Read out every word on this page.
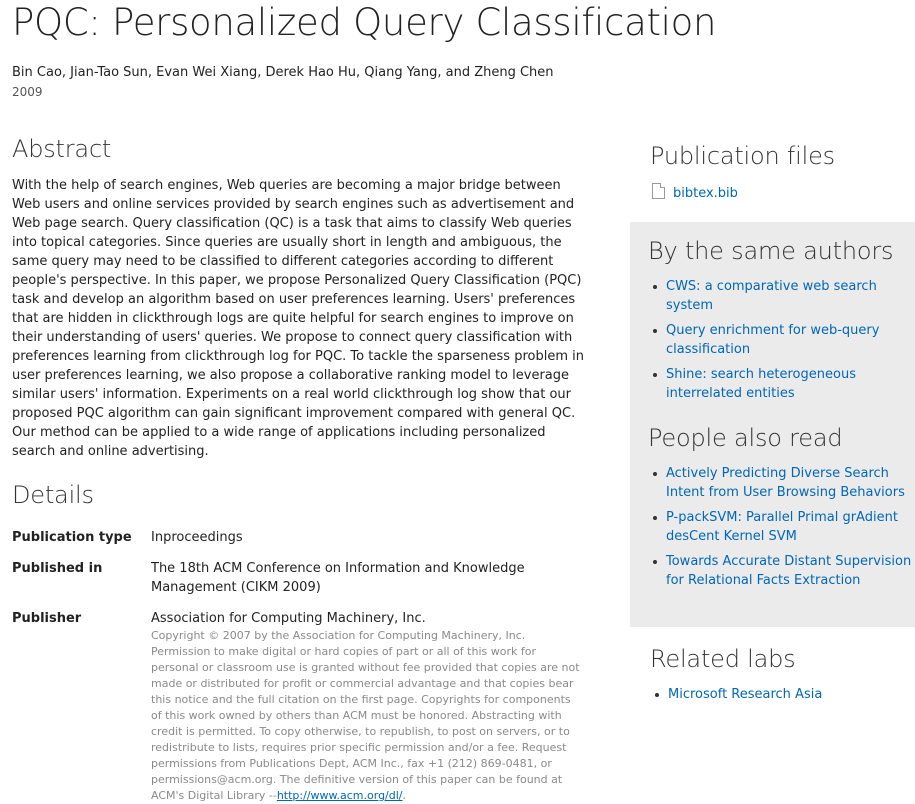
PQC: Personalized Query Classification
Bin Cao, Jian-Tao Sun, Evan Wei Xiang, Derek Hao Hu, Qiang Yang, and Zheng Chen
2009
Abstract

With the help of search engines, Web queries are becoming a major bridge between Web users and online services provided by search engines such as advertisement and Web page search. Query classification (QC) is a task that aims to classify Web queries into topical categories. Since queries are usually short in length and ambiguous, the same query may need to be classified to different categories according to different people's perspective. In this paper, we propose Personalized Query Classification (PQC) task and develop an algorithm based on user preferences learning. Users' preferences that are hidden in clickthrough logs are quite helpful for search engines to improve on their understanding of users' queries. We propose to connect query classification with preferences learning from clickthrough log for PQC. To tackle the sparseness problem in user preferences learning, we also propose a collaborative ranking model to leverage similar users' information. Experiments on a real world clickthrough log show that our proposed PQC algorithm can gain significant improvement compared with general QC. Our method can be applied to a wide range of applications including personalized search and online advertising.

Details
Publication type Inproceedings
Published in	The 18th ACM Conference on Information and Knowledge Management (CIKM 2009)
Publisher	Association for Computing Machinery, Inc.
Copyright © 2007 by the Association for Computing Machinery, Inc. Permission to make digital or hard copies of part or all of this work for personal or classroom use is granted without fee provided that copies are not made or distributed for profit or commercial advantage and that copies bear this notice and the full citation on the first page. Copyrights for components of this work owned by others than ACM must be honored. Abstracting with credit is permitted. To copy otherwise, to republish, to post on servers, or to redistribute to lists, requires prior specific permission and/or a fee. Request permissions from Publications Dept, ACM Inc., fax +1 (212) 869-0481, or permissions@acm.org. The definitive version of this paper can be found at ACM's Digital Library --http://www.acm.org/dl/.
Publication files
bibtex.bib
By the same authors
CWS: a comparative web search system
Query enrichment for web-query classification
Shine: search heterogeneous interrelated entities
People also read
Actively Predicting Diverse Search Intent from User Browsing Behaviors
P-packSVM: Parallel Primal grAdient desCent Kernel SVM
Towards Accurate Distant Supervision for Relational Facts Extraction
Related labs
Microsoft Research Asia
